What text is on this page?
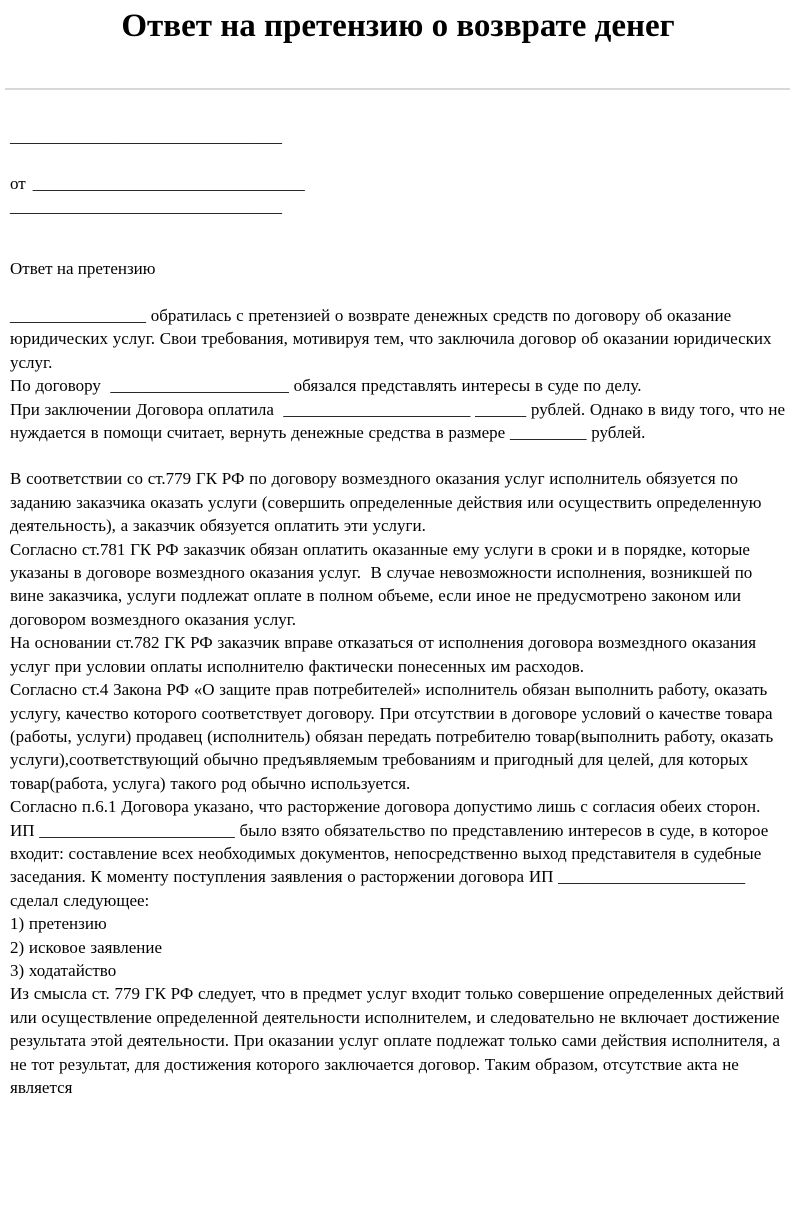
Ответ на претензию о возврате денег
________________________________
от ________________________________
________________________________

Ответ на претензию

________________ обратилась с претензией о возврате денежных средств по договору об оказание юридических услуг. Свои требования, мотивируя тем, что заключила договор об оказании юридических услуг.

По договору  _____________________ обязался представлять интересы в суде по делу.

При заключении Договора оплатила  ______________________ ______ рублей. Однако в виду того, что не нуждается в помощи считает, вернуть денежные средства в размере _________ рублей.

В соответствии со ст.779 ГК РФ по договору возмездного оказания услуг исполнитель обязуется по заданию заказчика оказать услуги (совершить определенные действия или осуществить определенную деятельность), а заказчик обязуется оплатить эти услуги.

Согласно ст.781 ГК РФ заказчик обязан оплатить оказанные ему услуги в сроки и в порядке, которые указаны в договоре возмездного оказания услуг.  В случае невозможности исполнения, возникшей по вине заказчика, услуги подлежат оплате в полном объеме, если иное не предусмотрено законом или договором возмездного оказания услуг.

На основании ст.782 ГК РФ заказчик вправе отказаться от исполнения договора возмездного оказания услуг при условии оплаты исполнителю фактически понесенных им расходов.

Согласно ст.4 Закона РФ «О защите прав потребителей» исполнитель обязан выполнить работу, оказать услугу, качество которого соответствует договору. При отсутствии в договоре условий о качестве товара (работы, услуги) продавец (исполнитель) обязан передать потребителю товар(выполнить работу, оказать услуги),соответствующий обычно предъявляемым требованиям и пригодный для целей, для которых товар(работа, услуга) такого род обычно используется.

Согласно п.6.1 Договора указано, что расторжение договора допустимо лишь с согласия обеих сторон.

ИП _______________________ было взято обязательство по представлению интересов в суде, в которое входит: составление всех необходимых документов, непосредственно выход представителя в судебные заседания. К моменту поступления заявления о расторжении договора ИП ______________________ сделал следующее:

1) претензию

2) исковое заявление

3) ходатайство

Из смысла ст. 779 ГК РФ следует, что в предмет услуг входит только совершение определенных действий или осуществление определенной деятельности исполнителем, и следовательно не включает достижение результата этой деятельности. При оказании услуг оплате подлежат только сами действия исполнителя, а не тот результат, для достижения которого заключается договор. Таким образом, отсутствие акта не является
